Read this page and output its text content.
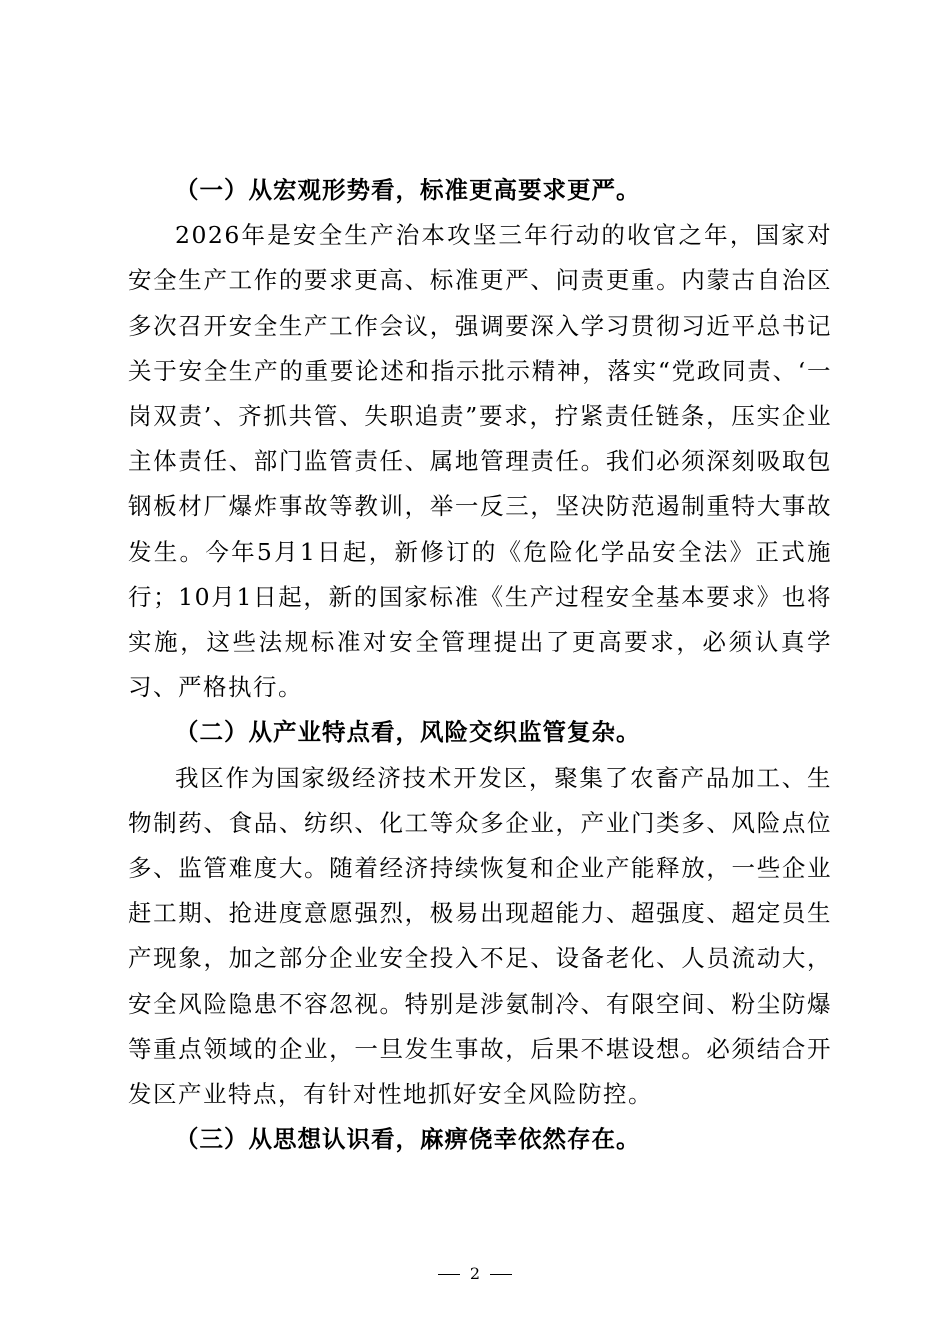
（一）从宏观形势看，标准更高要求更严。

2026年是安全生产治本攻坚三年行动的收官之年，国家对安全生产工作的要求更高、标准更严、问责更重。内蒙古自治区多次召开安全生产工作会议，强调要深入学习贯彻习近平总书记关于安全生产的重要论述和指示批示精神，落实“党政同责、‘一岗双责’、齐抓共管、失职追责”要求，拧紧责任链条，压实企业主体责任、部门监管责任、属地管理责任。我们必须深刻吸取包钢板材厂爆炸事故等教训，举一反三，坚决防范遏制重特大事故发生。今年5月1日起，新修订的《危险化学品安全法》正式施行；10月1日起，新的国家标准《生产过程安全基本要求》也将实施，这些法规标准对安全管理提出了更高要求，必须认真学习、严格执行。

（二）从产业特点看，风险交织监管复杂。

我区作为国家级经济技术开发区，聚集了农畜产品加工、生物制药、食品、纺织、化工等众多企业，产业门类多、风险点位多、监管难度大。随着经济持续恢复和企业产能释放，一些企业赶工期、抢进度意愿强烈，极易出现超能力、超强度、超定员生产现象，加之部分企业安全投入不足、设备老化、人员流动大，安全风险隐患不容忽视。特别是涉氨制冷、有限空间、粉尘防爆等重点领域的企业，一旦发生事故，后果不堪设想。必须结合开发区产业特点，有针对性地抓好安全风险防控。

（三）从思想认识看，麻痹侥幸依然存在。

2
